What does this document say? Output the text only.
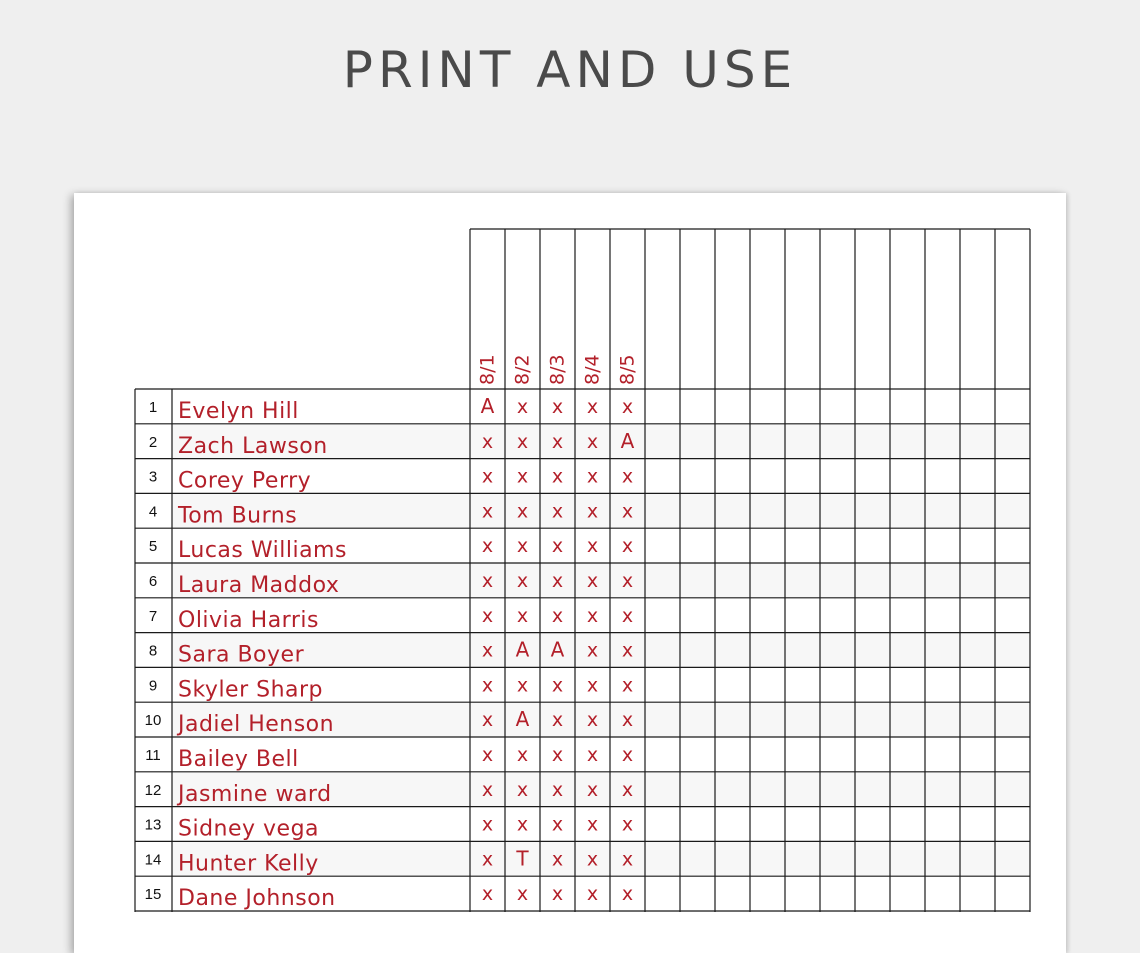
PRINT AND USE
8/1 8/2 8/3 8/4 8/5
1 Evelyn Hill	A x x x x
2 Zach Lawson	x x x x A
3 Corey Perry	x x x x x
4 Tom Burns	x x x x x
5 Lucas Williams	x x x x x
6 Laura Maddox	x x x x x
7 Olivia Harris	x x x x x
8 Sara Boyer	x A A x x
9 Skyler Sharp	x x x x x
10 Jadiel Henson	x A x x x
11 Bailey Bell	x x x x x
12 Jasmine ward	x x x x x
13 Sidney vega	x x x x x
14 Hunter Kelly	x T x x x
15 Dane Johnson	x x x x x
